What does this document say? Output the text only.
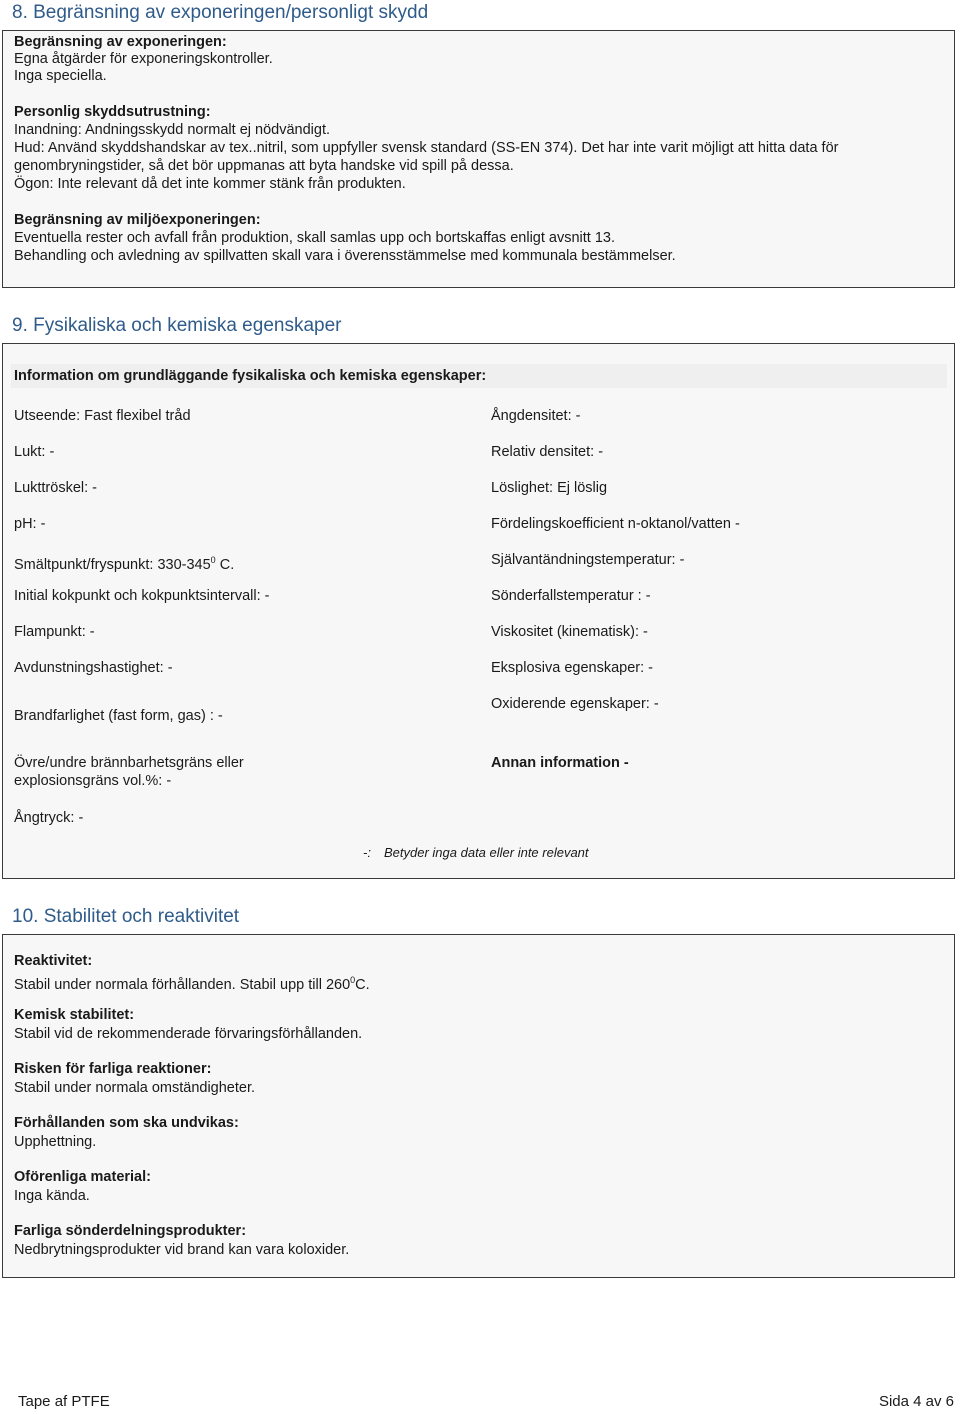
8. Begränsning av exponeringen/personligt skydd
Begränsning av exponeringen:
Egna åtgärder för exponeringskontroller.
Inga speciella.
Personlig skyddsutrustning:
Inandning: Andningsskydd normalt ej nödvändigt.
Hud: Använd skyddshandskar av tex..nitril, som uppfyller svensk standard (SS-EN 374). Det har inte varit möjligt att hitta data för
genombryningstider, så det bör uppmanas att byta handske vid spill på dessa.
Ögon: Inte relevant då det inte kommer stänk från produkten.
Begränsning av miljöexponeringen:
Eventuella rester och avfall från produktion, skall samlas upp och bortskaffas enligt avsnitt 13.
Behandling och avledning av spillvatten skall vara i överensstämmelse med kommunala bestämmelser.
9. Fysikaliska och kemiska egenskaper
Information om grundläggande fysikaliska och kemiska egenskaper:
Utseende: Fast flexibel tråd
Lukt: -
Lukttröskel: -
pH: -
Smältpunkt/fryspunkt: $330-345^0$ C.
Initial kokpunkt och kokpunktsintervall: -
Flampunkt: -
Avdunstningshastighet: -
Brandfarlighet (fast form, gas) : -
Övre/undre brännbarhetsgräns eller
explosionsgräns vol.%: -
Ångtryck: -
Ångdensitet: -
Relativ densitet: -
Löslighet: Ej löslig
Fördelingskoefficient n-oktanol/vatten -
Självantändningstemperatur: -
Sönderfallstemperatur : -
Viskositet (kinematisk): -
Eksplosiva egenskaper: -
Oxiderende egenskaper: -
Annan information -
-: Betyder inga data eller inte relevant
10. Stabilitet och reaktivitet
Reaktivitet:
Stabil under normala förhållanden. Stabil upp till $260^0C$.
Kemisk stabilitet:
Stabil vid de rekommenderade förvaringsförhållanden.
Risken för farliga reaktioner:
Stabil under normala omständigheter.
Förhållanden som ska undvikas:
Upphettning.
Oförenliga material:
Inga kända.
Farliga sönderdelningsprodukter:
Nedbrytningsprodukter vid brand kan vara koloxider.
Tape af PTFE	Sida 4 av 6
